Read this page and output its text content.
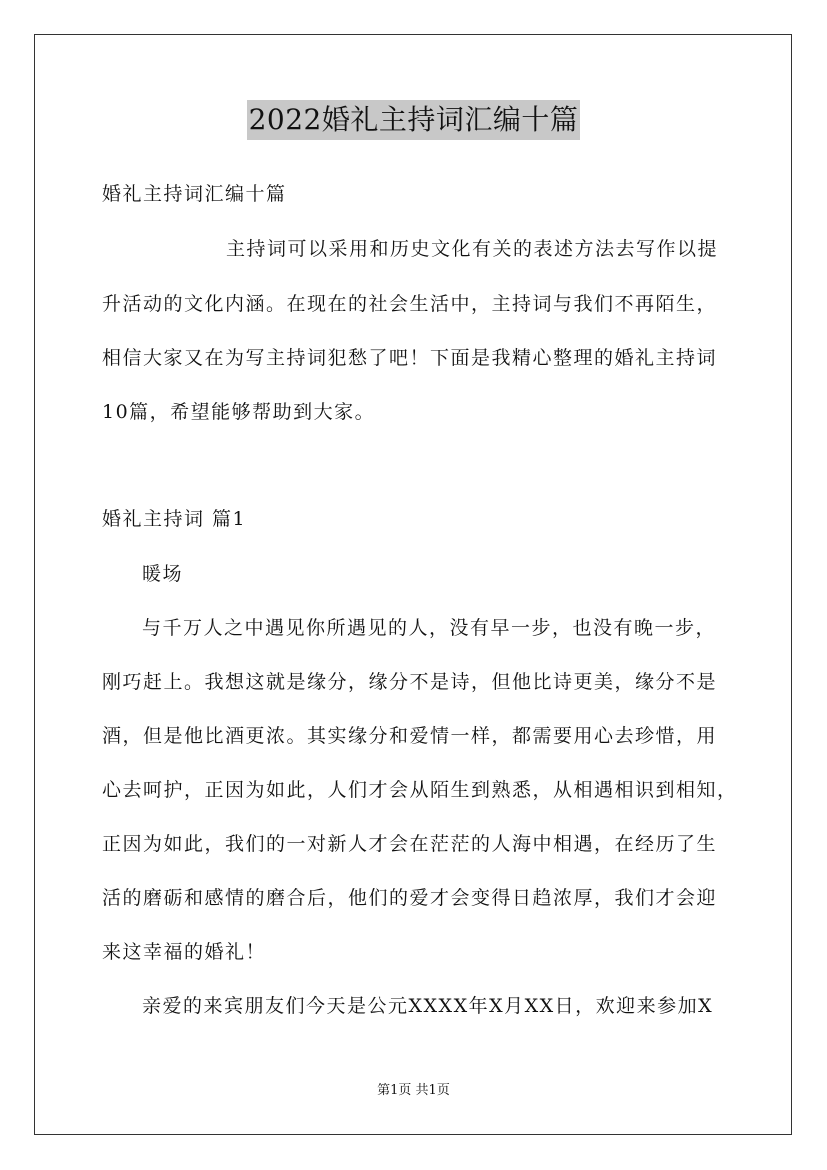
2022婚礼主持词汇编十篇
婚礼主持词汇编十篇
主持词可以采用和历史文化有关的表述方法去写作以提
升活动的文化内涵。在现在的社会生活中，主持词与我们不再陌生，
相信大家又在为写主持词犯愁了吧！下面是我精心整理的婚礼主持词
10篇，希望能够帮助到大家。
婚礼主持词 篇1
暖场
与千万人之中遇见你所遇见的人，没有早一步，也没有晚一步，
刚巧赶上。我想这就是缘分，缘分不是诗，但他比诗更美，缘分不是
酒，但是他比酒更浓。其实缘分和爱情一样，都需要用心去珍惜，用
心去呵护，正因为如此，人们才会从陌生到熟悉，从相遇相识到相知，
正因为如此，我们的一对新人才会在茫茫的人海中相遇，在经历了生
活的磨砺和感情的磨合后，他们的爱才会变得日趋浓厚，我们才会迎
来这幸福的婚礼！
亲爱的来宾朋友们今天是公元XXXX年X月XX日，欢迎来参加X
第1页 共1页
